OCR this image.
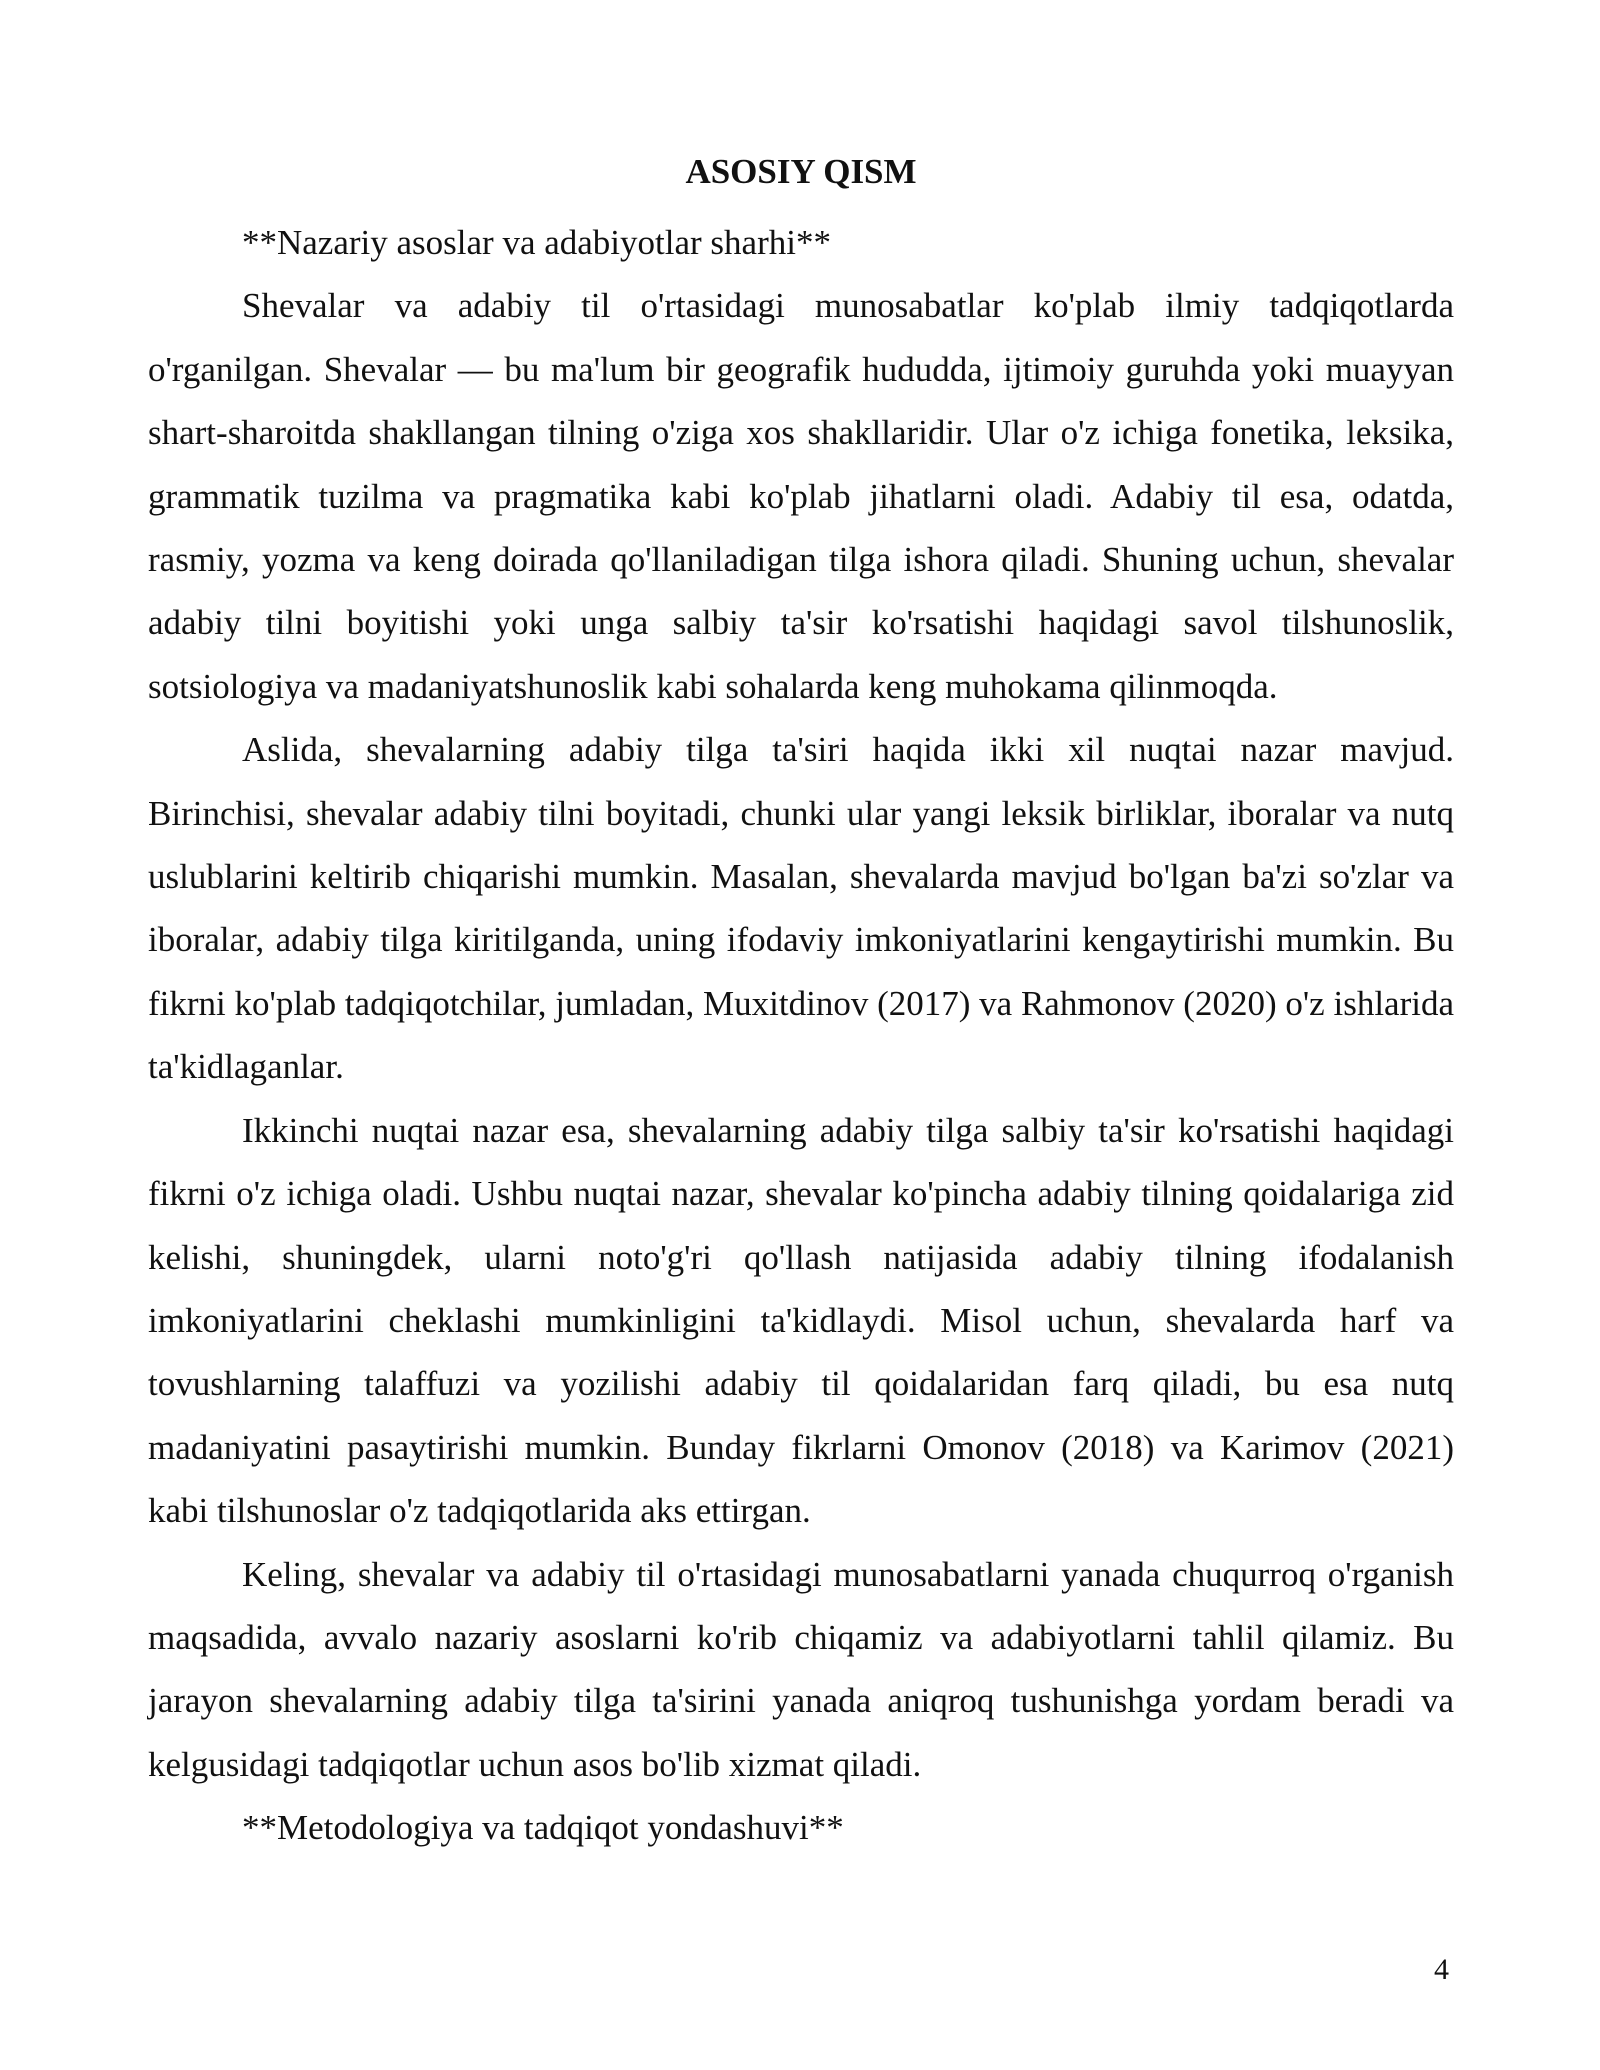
ASOSIY QISM

**Nazariy asoslar va adabiyotlar sharhi**

Shevalar va adabiy til o'rtasidagi munosabatlar ko'plab ilmiy tadqiqotlarda o'rganilgan. Shevalar — bu ma'lum bir geografik hududda, ijtimoiy guruhda yoki muayyan shart-sharoitda shakllangan tilning o'ziga xos shakllaridir. Ular o'z ichiga fonetika, leksika, grammatik tuzilma va pragmatika kabi ko'plab jihatlarni oladi. Adabiy til esa, odatda, rasmiy, yozma va keng doirada qo'llaniladigan tilga ishora qiladi. Shuning uchun, shevalar adabiy tilni boyitishi yoki unga salbiy ta'sir ko'rsatishi haqidagi savol tilshunoslik, sotsiologiya va madaniyatshunoslik kabi sohalarda keng muhokama qilinmoqda.

Aslida, shevalarning adabiy tilga ta'siri haqida ikki xil nuqtai nazar mavjud. Birinchisi, shevalar adabiy tilni boyitadi, chunki ular yangi leksik birliklar, iboralar va nutq uslublarini keltirib chiqarishi mumkin. Masalan, shevalarda mavjud bo'lgan ba'zi so'zlar va iboralar, adabiy tilga kiritilganda, uning ifodaviy imkoniyatlarini kengaytirishi mumkin. Bu fikrni ko'plab tadqiqotchilar, jumladan, Muxitdinov (2017) va Rahmonov (2020) o'z ishlarida ta'kidlaganlar.

Ikkinchi nuqtai nazar esa, shevalarning adabiy tilga salbiy ta'sir ko'rsatishi haqidagi fikrni o'z ichiga oladi. Ushbu nuqtai nazar, shevalar ko'pincha adabiy tilning qoidalariga zid kelishi, shuningdek, ularni noto'g'ri qo'llash natijasida adabiy tilning ifodalanish imkoniyatlarini cheklashi mumkinligini ta'kidlaydi. Misol uchun, shevalarda harf va tovushlarning talaffuzi va yozilishi adabiy til qoidalaridan farq qiladi, bu esa nutq madaniyatini pasaytirishi mumkin. Bunday fikrlarni Omonov (2018) va Karimov (2021) kabi tilshunoslar o'z tadqiqotlarida aks ettirgan.

Keling, shevalar va adabiy til o'rtasidagi munosabatlarni yanada chuqurroq o'rganish maqsadida, avvalo nazariy asoslarni ko'rib chiqamiz va adabiyotlarni tahlil qilamiz. Bu jarayon shevalarning adabiy tilga ta'sirini yanada aniqroq tushunishga yordam beradi va kelgusidagi tadqiqotlar uchun asos bo'lib xizmat qiladi.

**Metodologiya va tadqiqot yondashuvi**

4
